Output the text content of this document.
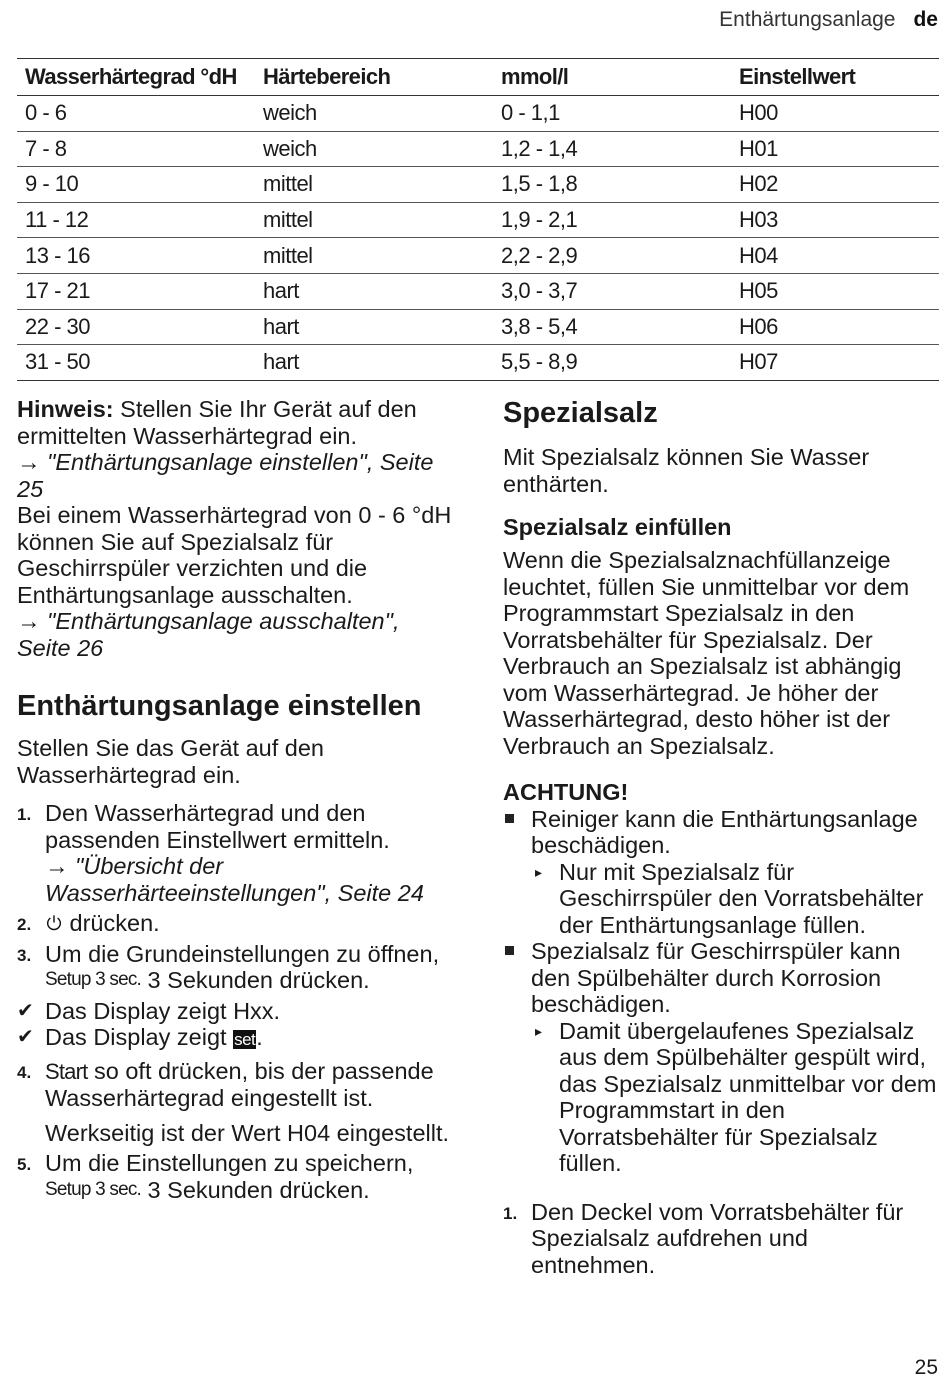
Enthärtungsanlage de
Wasserhärtegrad °dH	Härtebereich	mmol/l	Einstellwert
0 - 6	weich	0 - 1,1	H00
7 - 8	weich	1,2 - 1,4	H01
9 - 10	mittel	1,5 - 1,8	H02
11 - 12	mittel	1,9 - 2,1	H03
13 - 16	mittel	2,2 - 2,9	H04
17 - 21	hart	3,0 - 3,7	H05
22 - 30	hart	3,8 - 5,4	H06
31 - 50	hart	5,5 - 8,9	H07

Hinweis: Stellen Sie Ihr Gerät auf den ermittelten Wasserhärtegrad ein.

→ "Enthärtungsanlage einstellen", Seite 25

Bei einem Wasserhärtegrad von 0 - 6 °dH können Sie auf Spezialsalz für Geschirrspüler verzichten und die Enthärtungsanlage ausschalten.

→ "Enthärtungsanlage ausschalten", Seite 26

Enthärtungsanlage einstellen

Stellen Sie das Gerät auf den Wasserhärtegrad ein.

1. Den Wasserhärtegrad und den passenden Einstellwert ermitteln.

→ "Übersicht der Wasserhärteeinstellungen", Seite 24

2.	drücken.

3. Um die Grundeinstellungen zu öffnen, Setup 3 sec. 3 Sekunden drücken.

✔ Das Display zeigt Hxx.

✔ Das Display zeigt set.

4. Start so oft drücken, bis der passende Wasserhärtegrad eingestellt ist.

Werkseitig ist der Wert H04 eingestellt.

5. Um die Einstellungen zu speichern, Setup 3 sec. 3 Sekunden drücken.

Spezialsalz

Mit Spezialsalz können Sie Wasser enthärten.

Spezialsalz einfüllen

Wenn die Spezialsalznachfüllanzeige leuchtet, füllen Sie unmittelbar vor dem Programmstart Spezialsalz in den Vorratsbehälter für Spezialsalz. Der Verbrauch an Spezialsalz ist abhängig vom Wasserhärtegrad. Je höher der Wasserhärtegrad, desto höher ist der Verbrauch an Spezialsalz.

ACHTUNG!

Reiniger kann die Enthärtungsanlage beschädigen.

▸ Nur mit Spezialsalz für Geschirrspüler den Vorratsbehälter der Enthärtungsanlage füllen.

Spezialsalz für Geschirrspüler kann den Spülbehälter durch Korrosion beschädigen.

▸ Damit übergelaufenes Spezialsalz aus dem Spülbehälter gespült wird, das Spezialsalz unmittelbar vor dem Programmstart in den Vorratsbehälter für Spezialsalz füllen.

1. Den Deckel vom Vorratsbehälter für Spezialsalz aufdrehen und entnehmen.

25
